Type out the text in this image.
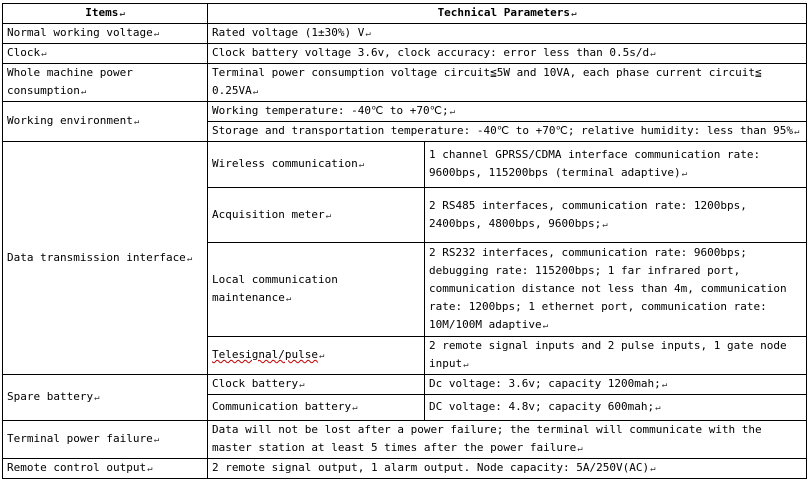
Items↵	Technical Parameters↵	
Normal working voltage↵	Rated voltage (1±30%) V↵	
Clock↵	Clock battery voltage 3.6v, clock accuracy: error less than 0.5s/d↵	
Whole machine power consumption↵	Terminal power consumption voltage circuit≦5W and 10VA, each phase current circuit≦ 0.25VA↵	
Working environment↵	Working temperature: -40℃ to +70℃;↵	
	Storage and transportation temperature: -40℃ to +70℃; relative humidity: less than 95%↵	
Data transmission interface↵	Wireless communication↵	1 channel GPRSS/CDMA interface communication rate: 9600bps, 115200bps (terminal adaptive)↵
	Acquisition meter↵	2 RS485 interfaces, communication rate: 1200bps, 2400bps, 4800bps, 9600bps;↵
	Local communication maintenance↵	2 RS232 interfaces, communication rate: 9600bps; debugging rate: 115200bps; 1 far infrared port, communication distance not less than 4m, communication rate: 1200bps; 1 ethernet port, communication rate: 10M/100M adaptive↵
	Telesignal/pulse↵	2 remote signal inputs and 2 pulse inputs, 1 gate node input↵
Spare battery↵	Clock battery↵	Dc voltage: 3.6v; capacity 1200mah;↵
	Communication battery↵	DC voltage: 4.8v; capacity 600mah;↵
Terminal power failure↵	Data will not be lost after a power failure; the terminal will communicate with the master station at least 5 times after the power failure↵	
Remote control output↵	2 remote signal output, 1 alarm output. Node capacity: 5A/250V(AC)↵	
